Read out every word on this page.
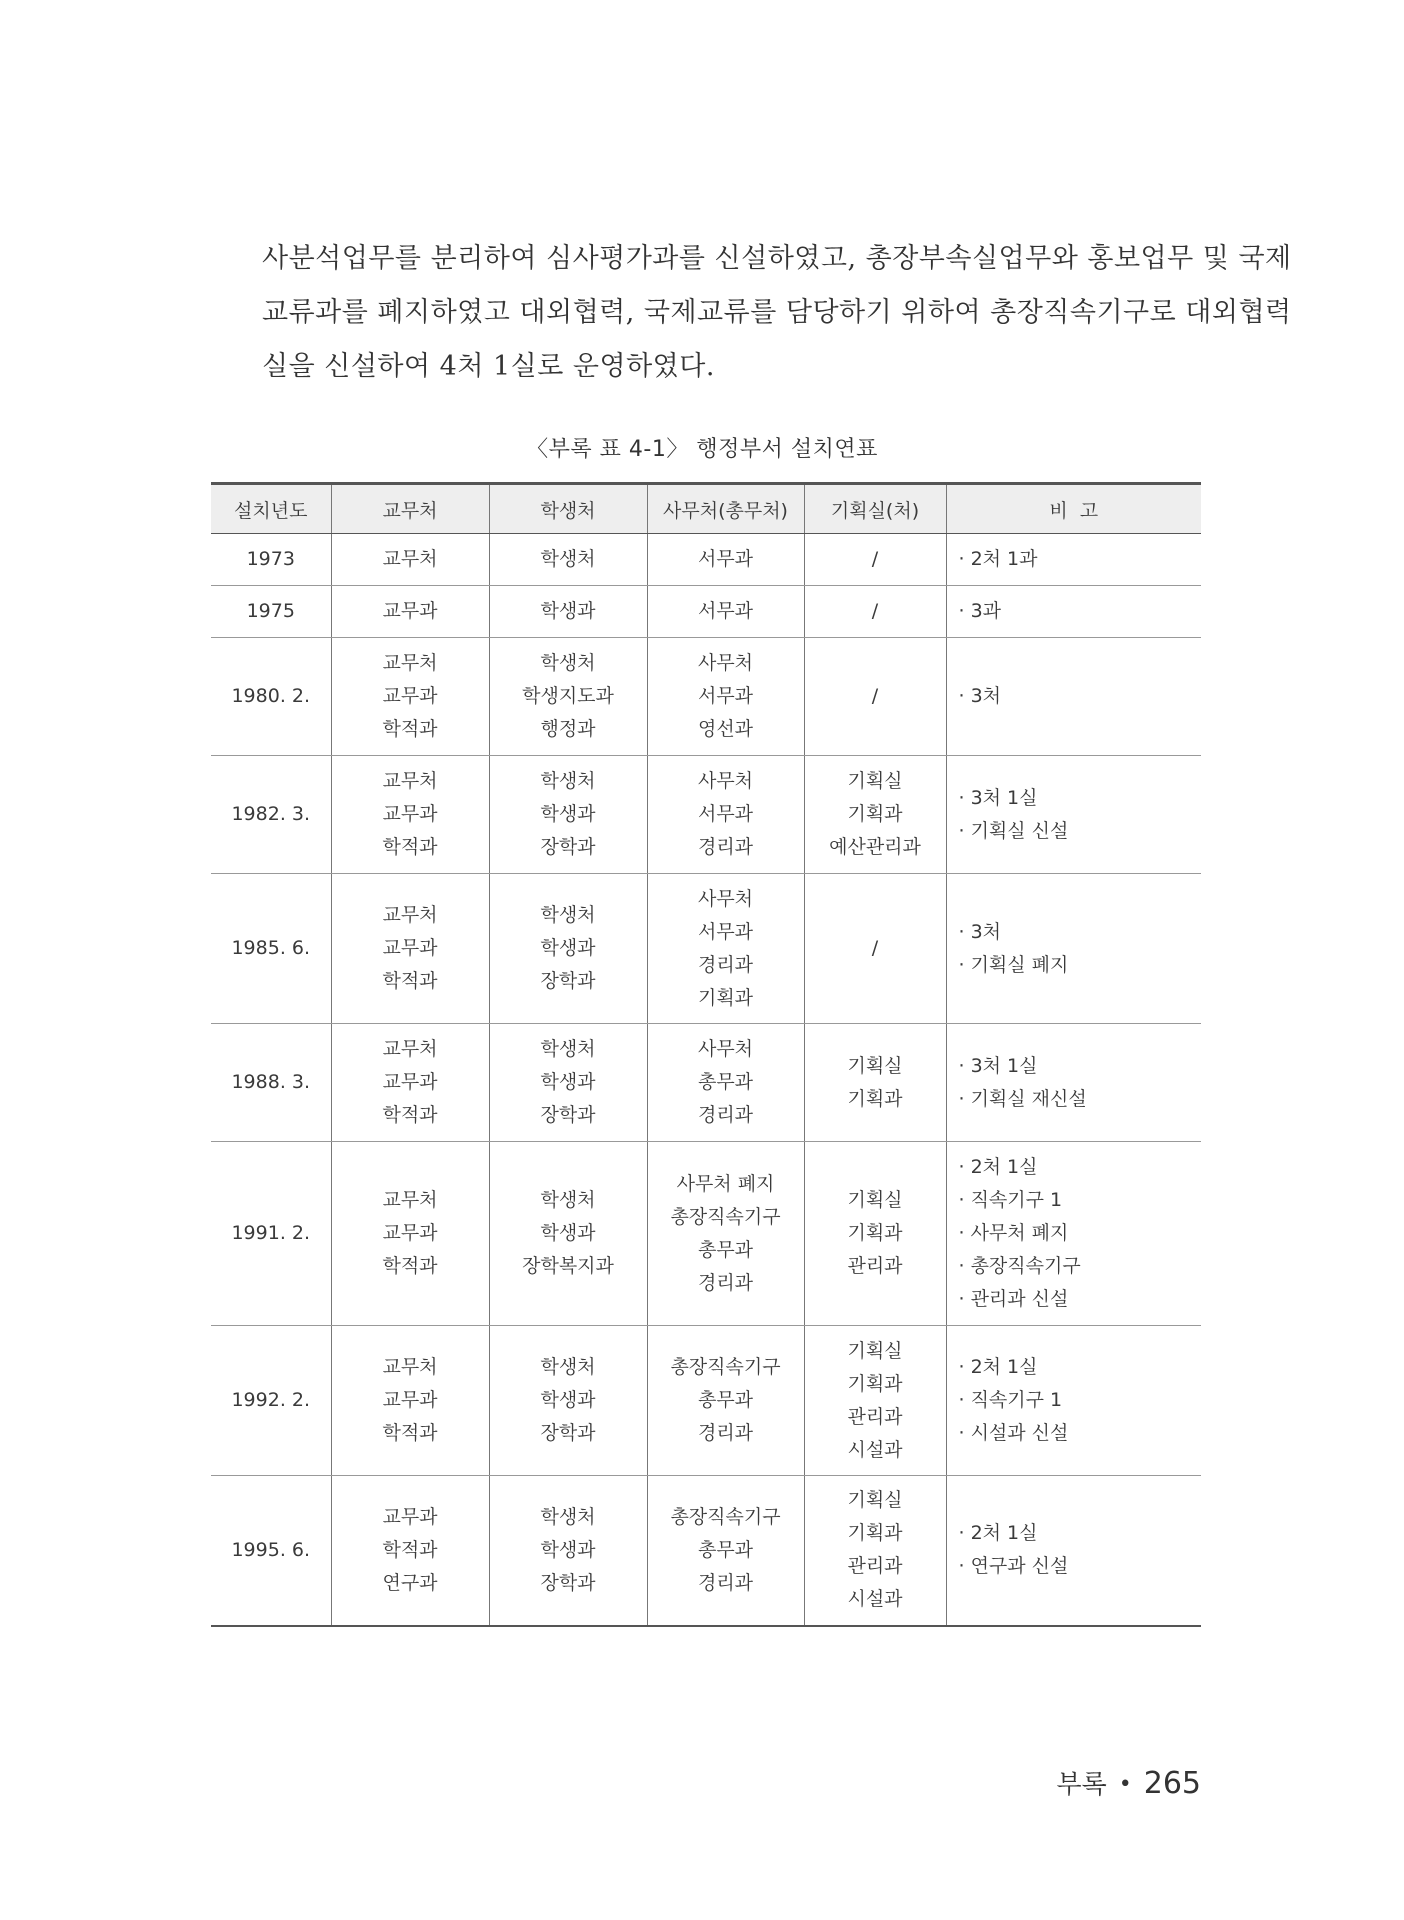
사분석업무를 분리하여 심사평가과를 신설하였고, 총장부속실업무와 홍보업무 및 국제
교류과를 폐지하였고 대외협력, 국제교류를 담당하기 위하여 총장직속기구로 대외협력
실을 신설하여 4처 1실로 운영하였다.
〈부록 표 4-1〉 행정부서 설치연표
설치년도	교무처	학생처	사무처(총무처)	기획실(처)	비  고
1973	교무처	학생처	서무과	/	· 2처 1과

1975	교무과	학생과	서무과	/	· 3과

1980. 2.	교무처
교무과
학적과	학생처
학생지도과
행정과	사무처
서무과
영선과	/	· 3처

1982. 3.	교무처
교무과
학적과	학생처
학생과
장학과	사무처
서무과
경리과	기획실
기획과
예산관리과	· 3처 1실
· 기획실 신설

1985. 6.	교무처
교무과
학적과	학생처
학생과
장학과	사무처
서무과
경리과
기획과	/	· 3처
· 기획실 폐지

1988. 3.	교무처
교무과
학적과	학생처
학생과
장학과	사무처
총무과
경리과	기획실
기획과	· 3처 1실
· 기획실 재신설

1991. 2.	교무처
교무과
학적과	학생처
학생과
장학복지과	사무처 폐지
총장직속기구
총무과
경리과	기획실
기획과
관리과	· 2처 1실
· 직속기구 1
· 사무처 폐지
· 총장직속기구
· 관리과 신설

1992. 2.	교무처
교무과
학적과	학생처
학생과
장학과	총장직속기구
총무과
경리과	기획실
기획과
관리과
시설과	· 2처 1실
· 직속기구 1
· 시설과 신설

1995. 6.	교무과
학적과
연구과	학생처
학생과
장학과	총장직속기구
총무과
경리과	기획실
기획과
관리과
시설과	· 2처 1실
· 연구과 신설
부록 • 265
